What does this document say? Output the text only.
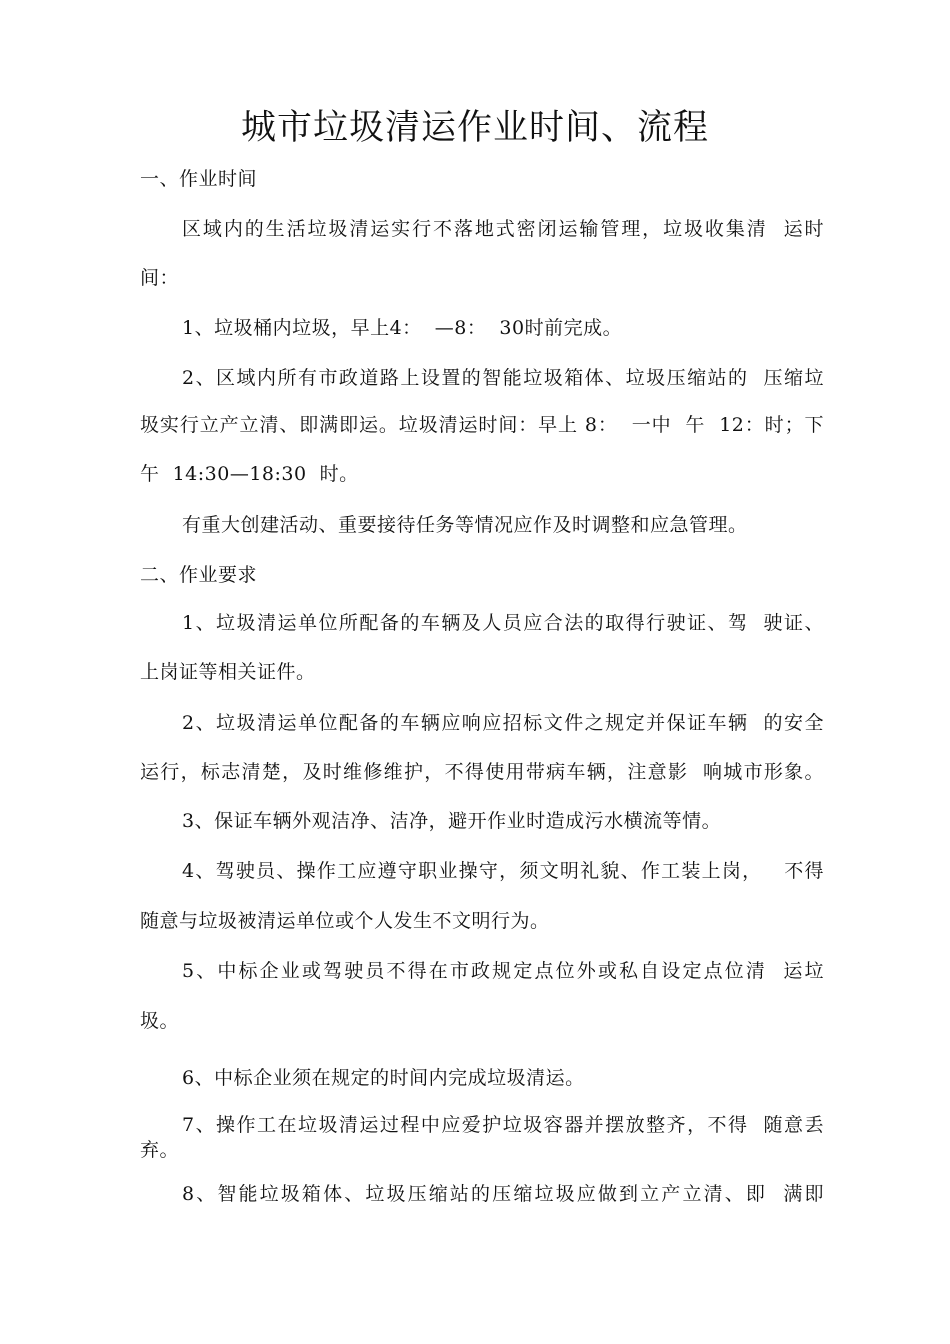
城市垃圾清运作业时间、流程
一、作业时间
区域内的生活垃圾清运实行不落地式密闭运输管理，垃圾收集清  运时
间：
1、垃圾桶内垃圾，早上4：  —8：  30时前完成。
2、区域内所有市政道路上设置的智能垃圾箱体、垃圾压缩站的  压缩垃
圾实行立产立清、即满即运。垃圾清运时间：早上 8：  一中  午  12：时；下
午  14:30—18:30  时。
有重大创建活动、重要接待任务等情况应作及时调整和应急管理。
二、作业要求
1、垃圾清运单位所配备的车辆及人员应合法的取得行驶证、驾  驶证、
上岗证等相关证件。
2、垃圾清运单位配备的车辆应响应招标文件之规定并保证车辆  的安全
运行，标志清楚，及时维修维护，不得使用带病车辆，注意影  响城市形象。
3、保证车辆外观洁净、洁净，避开作业时造成污水横流等情。
4、驾驶员、操作工应遵守职业操守，须文明礼貌、作工装上岗，   不得
随意与垃圾被清运单位或个人发生不文明行为。
5、中标企业或驾驶员不得在市政规定点位外或私自设定点位清  运垃
圾。
6、中标企业须在规定的时间内完成垃圾清运。
7、操作工在垃圾清运过程中应爱护垃圾容器并摆放整齐，不得  随意丢
弃。
8、智能垃圾箱体、垃圾压缩站的压缩垃圾应做到立产立清、即  满即
